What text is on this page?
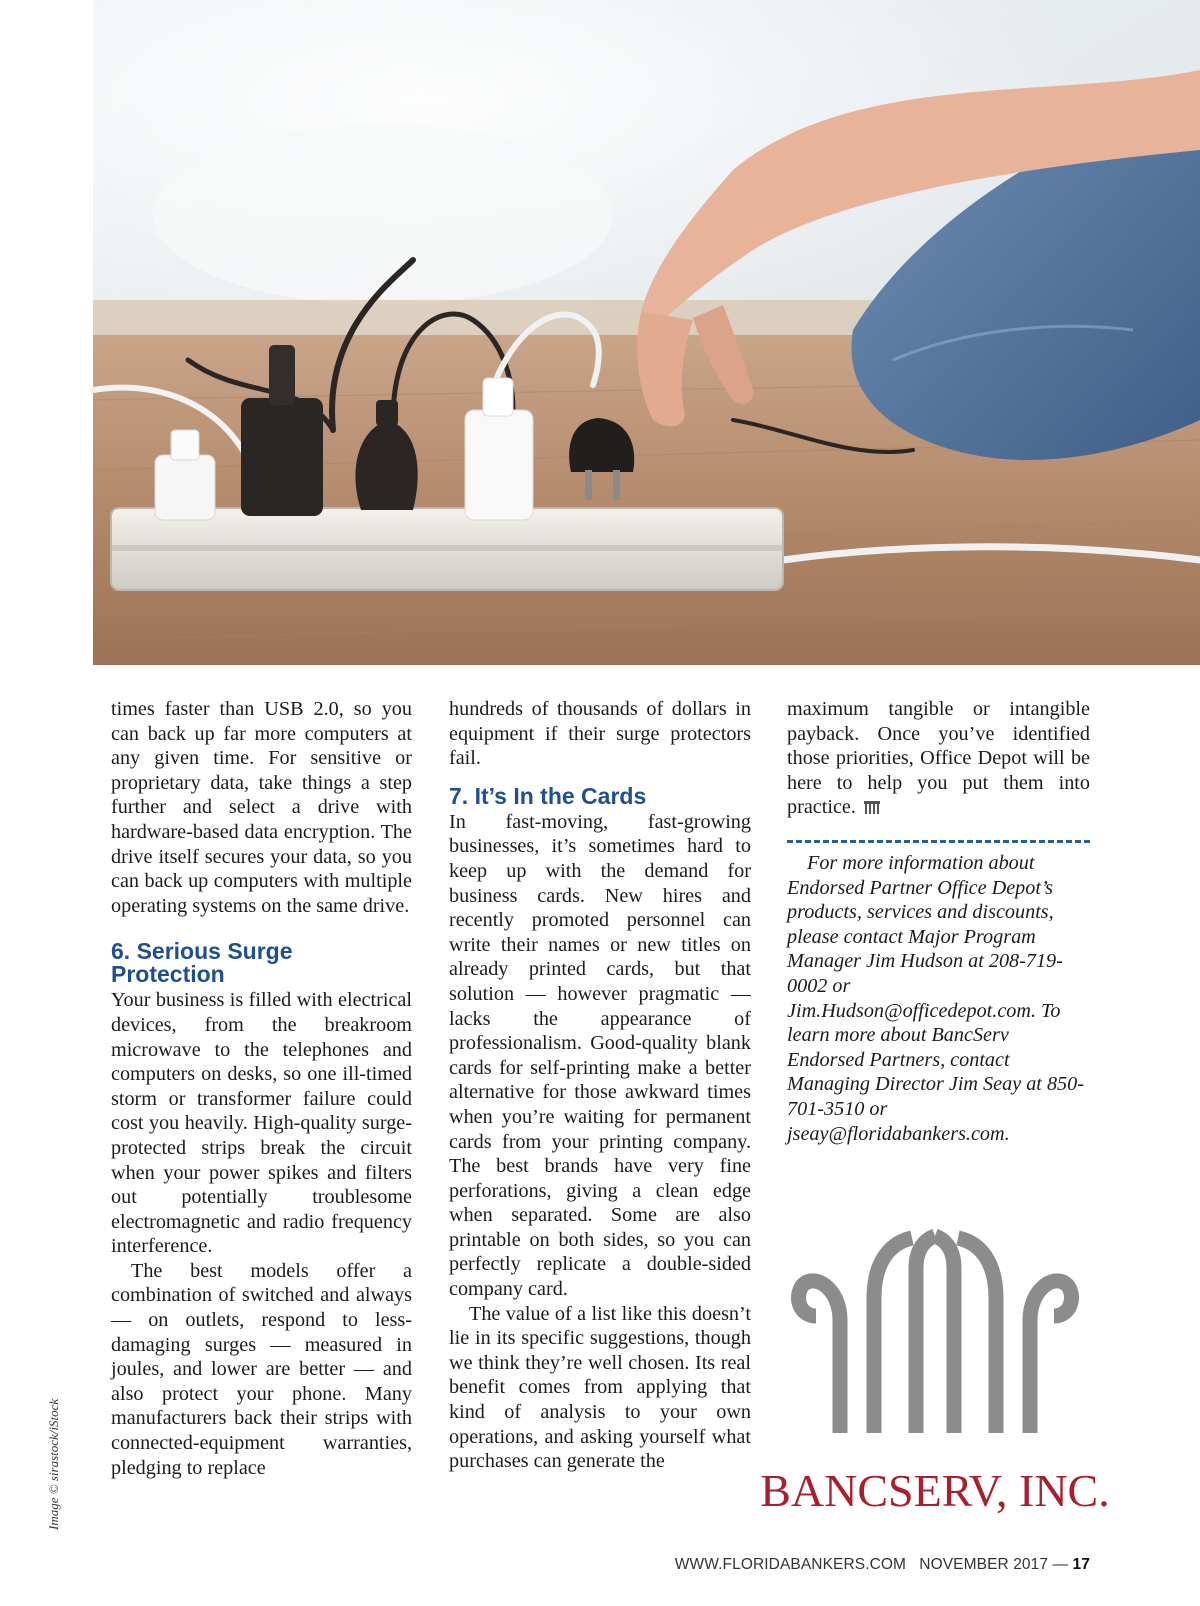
Image © sirastock/iStock

times faster than USB 2.0, so you can back up far more computers at any given time. For sensitive or proprietary data, take things a step further and select a drive with hardware-based data encryption. The drive itself secures your data, so you can back up computers with multiple operating systems on the same drive.

6. Serious Surge Protection

Your business is filled with electrical devices, from the breakroom microwave to the telephones and computers on desks, so one ill-timed storm or transformer failure could cost you heavily. High-quality surge-protected strips break the circuit when your power spikes and filters out potentially troublesome electromagnetic and radio frequency interference.

The best models offer a combination of switched and always — on outlets, respond to less-damaging surges — measured in joules, and lower are better — and also protect your phone. Many manufacturers back their strips with connected-equipment warranties, pledging to replace

hundreds of thousands of dollars in equipment if their surge protectors fail.

7. It’s In the Cards

In fast-moving, fast-growing businesses, it’s sometimes hard to keep up with the demand for business cards. New hires and recently promoted personnel can write their names or new titles on already printed cards, but that solution — however pragmatic — lacks the appearance of professionalism. Good-quality blank cards for self-printing make a better alternative for those awkward times when you’re waiting for permanent cards from your printing company. The best brands have very fine perforations, giving a clean edge when separated. Some are also printable on both sides, so you can perfectly replicate a double-sided company card.

The value of a list like this doesn’t lie in its specific suggestions, though we think they’re well chosen. Its real benefit comes from applying that kind of analysis to your own operations, and asking yourself what purchases can generate the

maximum tangible or intangible payback. Once you’ve identified those priorities, Office Depot will be here to help you put them into practice.

For more information about Endorsed Partner Office Depot’s products, services and discounts, please contact Major Program Manager Jim Hudson at 208-719-0002 or Jim.Hudson@officedepot.com. To learn more about BancServ Endorsed Partners, contact Managing Director Jim Seay at 850-701-3510 or jseay@floridabankers.com.

BANCSERV, INC.
WWW.FLORIDABANKERS.COM NOVEMBER 2017 — 17
